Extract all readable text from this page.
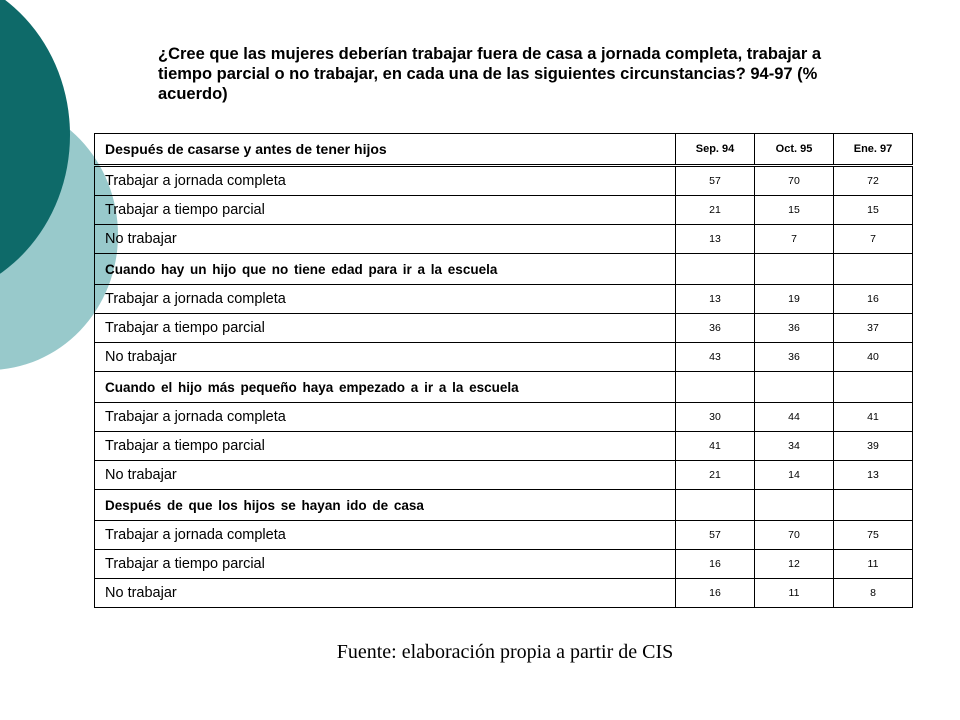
¿Cree que las mujeres deberían trabajar fuera de casa a jornada completa, trabajar a tiempo parcial o no trabajar, en cada una de las siguientes circunstancias? 94-97 (% acuerdo)
Después de casarse y antes de tener hijos	Sep. 94	Oct. 95	Ene. 97
Trabajar a jornada completa	57	70	72
Trabajar a tiempo parcial	21	15	15
No trabajar	13	7	7
Cuando hay un hijo que no tiene edad para ir a la escuela			
Trabajar a jornada completa	13	19	16
Trabajar a tiempo parcial	36	36	37
No trabajar	43	36	40
Cuando el hijo más pequeño haya empezado a ir a la escuela			
Trabajar a jornada completa	30	44	41
Trabajar a tiempo parcial	41	34	39
No trabajar	21	14	13
Después de que los hijos se hayan ido de casa			
Trabajar a jornada completa	57	70	75
Trabajar a tiempo parcial	16	12	11
No trabajar	16	11	8
Fuente: elaboración propia a partir de CIS
